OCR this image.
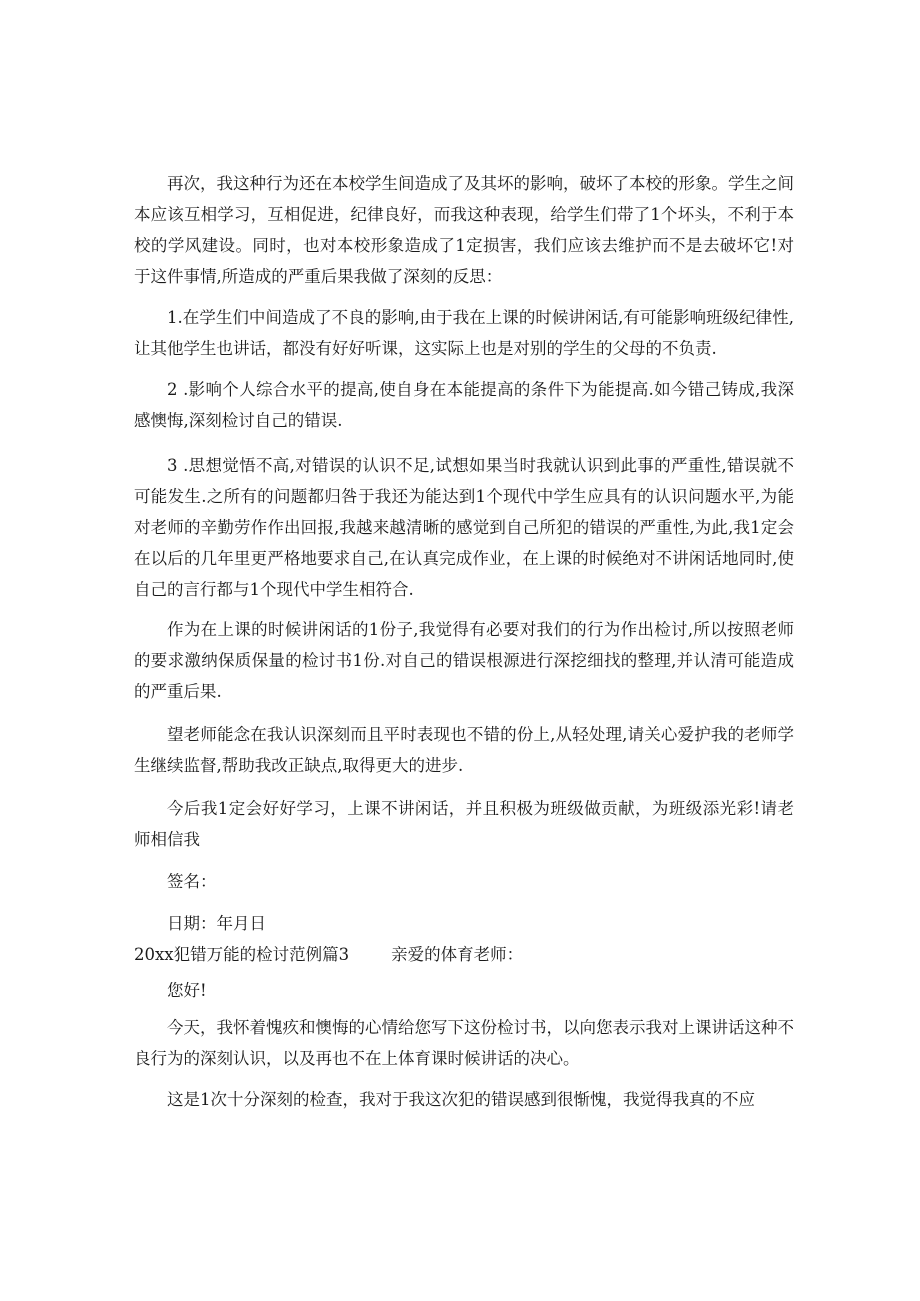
再次，我这种行为还在本校学生间造成了及其坏的影响，破坏了本校的形象。学生之间本应该互相学习，互相促进，纪律良好，而我这种表现，给学生们带了1个坏头，不利于本校的学风建设。同时，也对本校形象造成了1定损害，我们应该去维护而不是去破坏它!对于这件事情,所造成的严重后果我做了深刻的反思：

1.在学生们中间造成了不良的影响,由于我在上课的时候讲闲话,有可能影响班级纪律性,让其他学生也讲话，都没有好好听课，这实际上也是对别的学生的父母的不负责.

2 .影响个人综合水平的提高,使自身在本能提高的条件下为能提高.如今错己铸成,我深感懊悔,深刻检讨自己的错误.

3 .思想觉悟不高,对错误的认识不足,试想如果当时我就认识到此事的严重性,错误就不可能发生.之所有的问题都归咎于我还为能达到1个现代中学生应具有的认识问题水平,为能对老师的辛勤劳作作出回报,我越来越清晰的感觉到自己所犯的错误的严重性,为此,我1定会在以后的几年里更严格地要求自己,在认真完成作业，在上课的时候绝对不讲闲话地同时,使自己的言行都与1个现代中学生相符合.

作为在上课的时候讲闲话的1份子,我觉得有必要对我们的行为作出检讨,所以按照老师的要求激纳保质保量的检讨书1份.对自己的错误根源进行深挖细找的整理,并认清可能造成的严重后果.

望老师能念在我认识深刻而且平时表现也不错的份上,从轻处理,请关心爱护我的老师学生继续监督,帮助我改正缺点,取得更大的进步.

今后我1定会好好学习，上课不讲闲话，并且积极为班级做贡献，为班级添光彩!请老师相信我

签名：

日期：年月日

20xx犯错万能的检讨范例篇3	亲爱的体育老师：

您好!

今天，我怀着愧疚和懊悔的心情给您写下这份检讨书，以向您表示我对上课讲话这种不良行为的深刻认识，以及再也不在上体育课时候讲话的决心。

这是1次十分深刻的检查，我对于我这次犯的错误感到很惭愧，我觉得我真的不应
